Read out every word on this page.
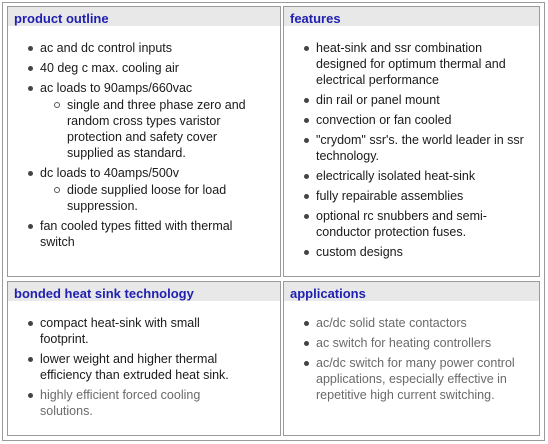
product outline
ac and dc control inputs
40 deg c max. cooling air
ac loads to 90amps/660vac
single and three phase zero and random cross types varistor protection and safety cover supplied as standard.
dc loads to 40amps/500v
diode supplied loose for load suppression.
fan cooled types fitted with thermal switch
features
heat-sink and ssr combination designed for optimum thermal and electrical performance
din rail or panel mount
convection or fan cooled
"crydom" ssr's. the world leader in ssr technology.
electrically isolated heat-sink
fully repairable assemblies
optional rc snubbers and semi-conductor protection fuses.
custom designs
bonded heat sink technology
compact heat-sink with small footprint.
lower weight and higher thermal efficiency than extruded heat sink.
highly efficient forced cooling solutions.
applications
ac/dc solid state contactors
ac switch for heating controllers
ac/dc switch for many power control applications, especially effective in repetitive high current switching.
